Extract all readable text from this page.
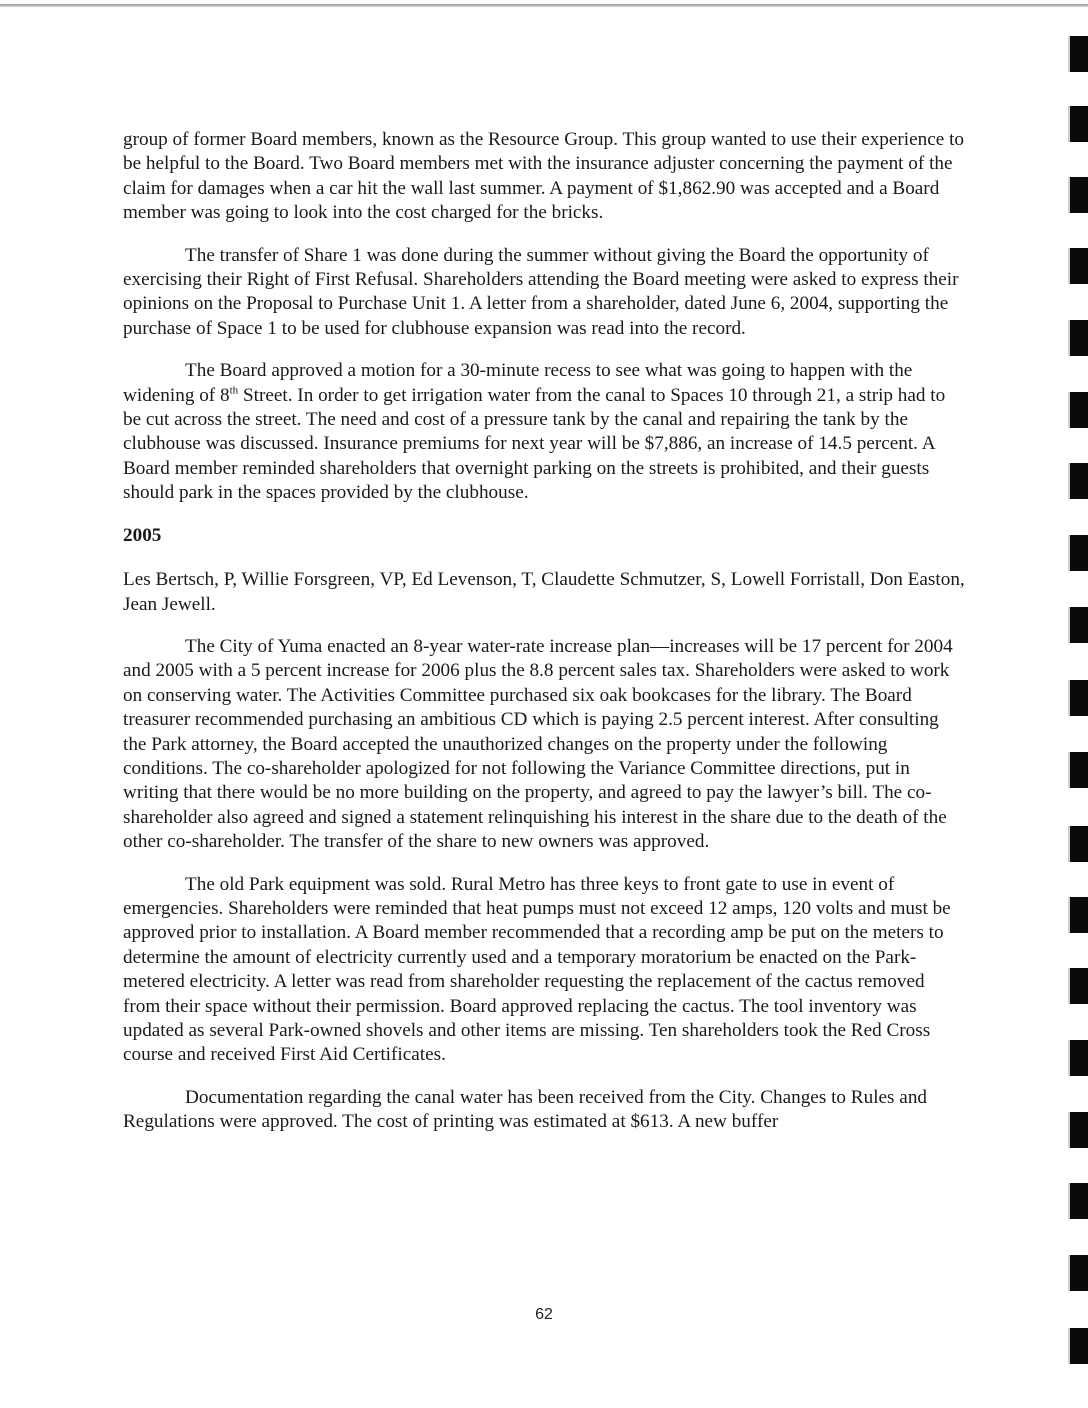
group of former Board members, known as the Resource Group. This group wanted to use their experience to be helpful to the Board. Two Board members met with the insurance adjuster concerning the payment of the claim for damages when a car hit the wall last summer. A payment of $1,862.90 was accepted and a Board member was going to look into the cost charged for the bricks.

The transfer of Share 1 was done during the summer without giving the Board the opportunity of exercising their Right of First Refusal. Shareholders attending the Board meeting were asked to express their opinions on the Proposal to Purchase Unit 1. A letter from a shareholder, dated June 6, 2004, supporting the purchase of Space 1 to be used for clubhouse expansion was read into the record.

The Board approved a motion for a 30-minute recess to see what was going to happen with the widening of 8th Street. In order to get irrigation water from the canal to Spaces 10 through 21, a strip had to be cut across the street. The need and cost of a pressure tank by the canal and repairing the tank by the clubhouse was discussed. Insurance premiums for next year will be $7,886, an increase of 14.5 percent. A Board member reminded shareholders that overnight parking on the streets is prohibited, and their guests should park in the spaces provided by the clubhouse.

2005

Les Bertsch, P, Willie Forsgreen, VP, Ed Levenson, T, Claudette Schmutzer, S, Lowell Forristall, Don Easton, Jean Jewell.

The City of Yuma enacted an 8-year water-rate increase plan—increases will be 17 percent for 2004 and 2005 with a 5 percent increase for 2006 plus the 8.8 percent sales tax. Shareholders were asked to work on conserving water. The Activities Committee purchased six oak bookcases for the library. The Board treasurer recommended purchasing an ambitious CD which is paying 2.5 percent interest. After consulting the Park attorney, the Board accepted the unauthorized changes on the property under the following conditions. The co-shareholder apologized for not following the Variance Committee directions, put in writing that there would be no more building on the property, and agreed to pay the lawyer’s bill. The co-shareholder also agreed and signed a statement relinquishing his interest in the share due to the death of the other co-shareholder. The transfer of the share to new owners was approved.

The old Park equipment was sold. Rural Metro has three keys to front gate to use in event of emergencies. Shareholders were reminded that heat pumps must not exceed 12 amps, 120 volts and must be approved prior to installation. A Board member recommended that a recording amp be put on the meters to determine the amount of electricity currently used and a temporary moratorium be enacted on the Park-metered electricity. A letter was read from shareholder requesting the replacement of the cactus removed from their space without their permission. Board approved replacing the cactus. The tool inventory was updated as several Park-owned shovels and other items are missing. Ten shareholders took the Red Cross course and received First Aid Certificates.

Documentation regarding the canal water has been received from the City. Changes to Rules and Regulations were approved. The cost of printing was estimated at $613. A new buffer

62
